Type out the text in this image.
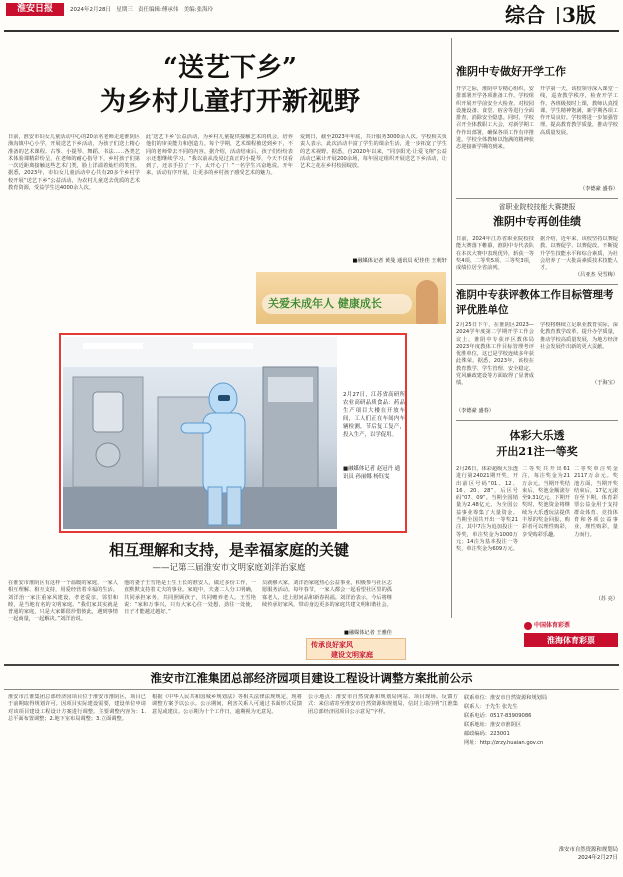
淮安日报	2024年2月28日 星期三 责任编辑:傅承伟 美编:张海玲	综合 3版
“送艺下乡”
为乡村儿童打开新视野
日前，淮安市妇女儿童活动中心的20余名老师走进淮阴区渔沟镇中心小学，开展送艺下乡活动，为孩子们送上精心准备的艺术课程。古筝、小提琴、舞蹈、书法……各类艺术体验课精彩纷呈，在老师的耐心指导下，乡村孩子们第一次近距离接触这些艺术门类，脸上洋溢着灿烂的笑容。据悉，2023年，市妇女儿童活动中心共有20多个乡村学校开展“送艺下乡”公益活动，为农村儿童送去优质的艺术教育资源，受益学生达4000余人次。
此‘送艺下乡’公益活动，为乡村儿童提供接触艺术的机会，培养他们的审美能力和创造力。每个学期，艺术课程被送到乡下，不同的老师带去不同的内容。据介绍，活动结束后，孩子们纷纷表示还想继续学习。“我以前从没见过真正的小提琴，今天不仅看到了，还亲手拉了一下，太开心了！”一名学生兴奋地说。开年来，活动有序开展，让更多的乡村孩子感受艺术的魅力。
爱到日，截至2023年年底，共计服务3000余人次。学校相关负责人表示，此次活动丰富了学生的课余生活，进一步拓宽了学生的艺术视野。据悉，自2020年以来，“同享阳光·让爱飞翔”公益活动已累计开展200余场，每年固定组织开展送艺下乡活动，让艺术之花在乡村校园绽放。
■融媒体记者 黄曼 通讯员 纪佳佳 王莉轩
关爱未成年人 健康成长
2月27日，江苏省高研所农业高研品质食品：药品生产项目大楼在开放车间，工人们正在车间内车辆检测，节后复工复产，投入生产，以学促用。
■融媒体记者 赵冠丹 通讯员 孙丽娜 杨钰雯
淮阴中专做好开学工作
开学之际，淮阴中专精心组织，安排部署开学各项准备工作。学校组织开展开学前安全大检查，对校园设施设备、食堂、宿舍等进行全面排查，消除安全隐患。同时，学校召开全体教职工大会，对新学期工作作出部署，确保各项工作有序推进。学校全体教师以饱满的精神状态迎接新学期的到来。
开学第一天，该校领导深入课堂一线，巡查教学秩序，检查开学工作。各班级按时上课，教师认真授课，学生精神饱满，新学期各项工作开局良好。学校将进一步加强管理，提高教育教学质量，推动学校高质量发展。
（李德豪 盛春）
省职业院校技能大赛捷报
淮阴中专再创佳绩
日前，2024年江苏省职业院校技能大赛落下帷幕，淮阴中专代表队在本次大赛中表现优异，斩获一等奖4项、二等奖5项、三等奖3项，成绩位居全省前列。
据介绍，近年来，该校坚持以赛促教、以赛促学、以赛促改，不断提升学生技能水平和综合素质，为社会培养了一大批高素质技术技能人才。
（吕亚杰 吴雪梅）
淮阴中专获评教体工作目标管理考评优胜单位
2月25日下午，在淮阴区2023—2024学年度第二学期开学工作会议上，淮阴中专获评区教体局2023年度教体工作目标管理考评优胜单位，这已是学校连续多年获此殊荣。据悉，2023年，该校在教育教学、学生管理、安全稳定、党风廉政建设等方面取得了显著成绩。
学校将继续立足职业教育实际，深化教育教学改革，提升办学质量，推动学校高质量发展，为地方经济社会发展作出新的更大贡献。
（于海宝）
（李德豪 盛春）
体彩大乐透
开出21注一等奖
2月26日，体彩超级大乐透进行第24021期开奖，开出前区号码“01、12、16、20、28”，后区号码“07、09”。当期全国销量为2.48亿元，为全国公益事业筹集了大量资金。当期全国共开出一等奖21注，其中7注为追加投注一等奖，单注奖金为1000万元；14注为基本投注一等奖，单注奖金为609万元。
二等奖共开出61注，每注奖金为21万余元。当期开奖结束后，奖池金额滚存至9.31亿元，下期开奖时，奖池资金将继续为大乐透玩法提供丰厚的奖金回报，购彩者可以理性购彩，享受购彩乐趣。
二等奖单注奖金2117万余元。奖池方面，当期开奖结束后，17亿元滚存至下期，体育彩票公益金用于支持群众体育、竞技体育和各项公益事业，理性购彩，量力而行。
（苏 亮）
中国体育彩票
淮海体育彩票
相互理解和支持，是幸福家庭的关键
——记第三届淮安市文明家庭刘洋治家庭
在淮安市淮阴区有这样一个温暖的家庭，一家人相互理解、相互支持，用爱经营着幸福的生活。刘洋治一家注重家风建设，孝老爱亲，邻里和睦，是当地有名的文明家庭。“我们家其实就是普通的家庭，只是大家都很珍惜彼此，遇到事情一起商量，一起解决。”刘洋治说。
他的妻子王雪艳是土生土长的淮安人，做过多份工作，一直默默支持着丈夫的事业。家庭中，夫妻二人分工明确，共同承担家务，共同照顾孩子，共同赡养老人。王雪艳说：“家和万事兴，只有大家心往一处想，劲往一处使，日子才能越过越好。”
员就够大家，刘洋治家庭热心公益事业，积极参与社区志愿服务活动。每年春节，一家人都会一起看望社区里的孤寡老人，送上慰问品和新春祝福。刘洋治表示，今后将继续传承好家风，带动身边更多的家庭共建文明和谐社会。
■融媒体记者 王雅佳
传承良好家风
建设文明家庭
淮安市江淮集团总部经济园项目建设工程设计调整方案批前公示
淮安市江淮集团总部经济园项目位于淮安市淮阴区，项目已于前期取得规划许可。因项目实际建设需要，建设单位申请对该项目建设工程设计方案进行调整。主要调整内容为：1.总平面布置调整；2.地下室布局调整；3.立面调整。
根据《中华人民共和国城乡规划法》等相关法律法规规定，现将调整方案予以公示。公示期间，利害关系人可通过书面形式反馈意见或建议。公示期为十个工作日，逾期视为无意见。
公示地点：淮安市自然资源和规划局网站、项目现场。反馈方式：来信请寄至淮安市自然资源和规划局，信封上请注明“江淮集团总部经济园项目公示意见”字样。
联系单位：淮安市自然资源和规划局
联系人：于先生 张先生
联系电话：0517-83909086
联系地址：淮安市淮阴区
邮政编码：223001
网址：http://zrzy.huaian.gov.cn
淮安市自然资源和规划局
2024年2月27日
